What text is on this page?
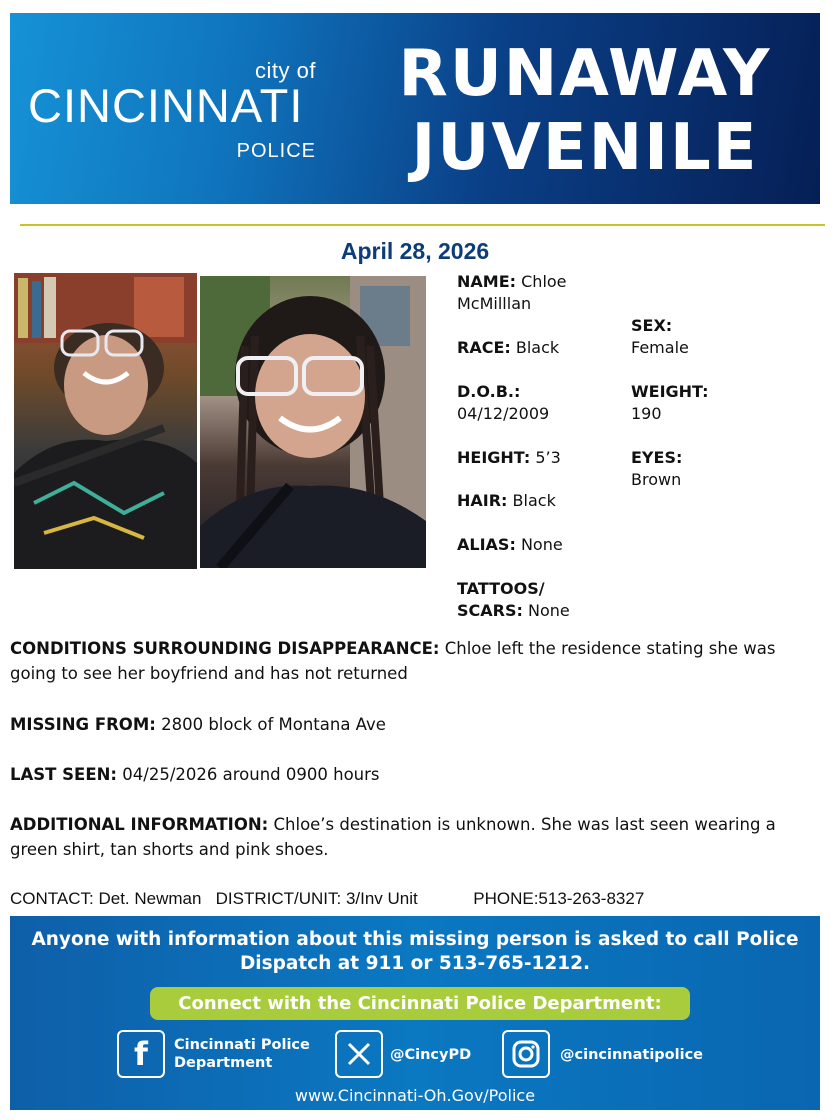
city of
CINCINNATI
POLICE
RUNAWAY
JUVENILE
April 28, 2026
NAME: Chloe McMilllan
SEX:
Female
RACE: Black
D.O.B.:
04/12/2009
WEIGHT:
190
HEIGHT: 5’3	EYES:
Brown
HAIR: Black
ALIAS: None
TATTOOS/
SCARS: None
CONDITIONS SURROUNDING DISAPPEARANCE: Chloe left the residence stating she was going to see her boyfriend and has not returned
MISSING FROM: 2800 block of Montana Ave
LAST SEEN: 04/25/2026 around 0900 hours
ADDITIONAL INFORMATION: Chloe’s destination is unknown. She was last seen wearing a green shirt, tan shorts and pink shoes.
CONTACT: Det. Newman DISTRICT/UNIT: 3/Inv Unit	PHONE:513-263-8327
Anyone with information about this missing person is asked to call Police
Dispatch at 911 or 513-765-1212.
Connect with the Cincinnati Police Department:
f	Cincinnati Police
Department	@CincyPD	@cincinnatipolice
www.Cincinnati-Oh.Gov/Police
